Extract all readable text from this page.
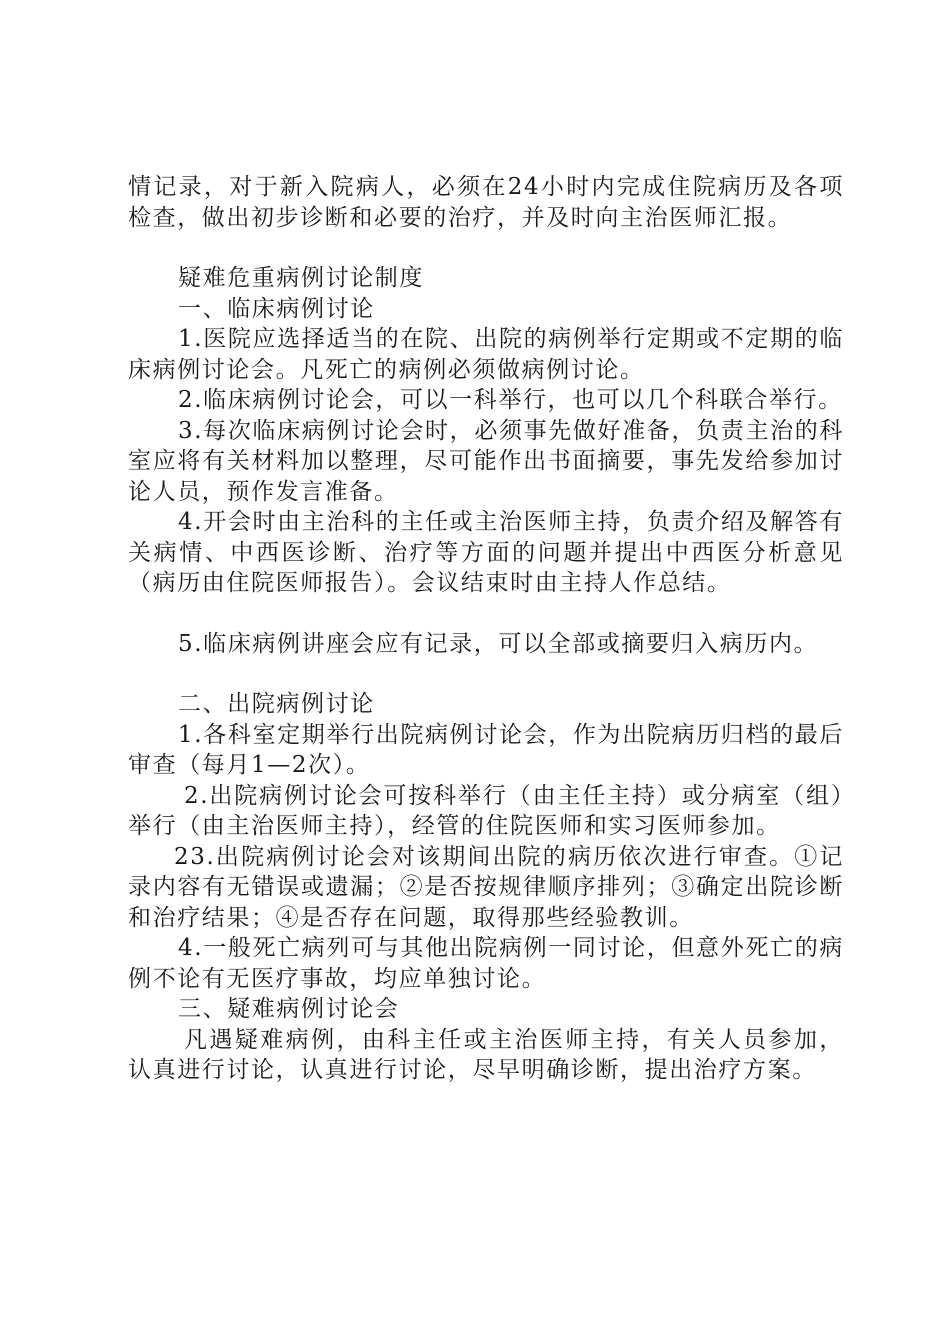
情记录，对于新入院病人，必须在24小时内完成住院病历及各项检查，做出初步诊断和必要的治疗，并及时向主治医师汇报。

疑难危重病例讨论制度

一、临床病例讨论

1.医院应选择适当的在院、出院的病例举行定期或不定期的临床病例讨论会。凡死亡的病例必须做病例讨论。

2.临床病例讨论会，可以一科举行，也可以几个科联合举行。

3.每次临床病例讨论会时，必须事先做好准备，负责主治的科室应将有关材料加以整理，尽可能作出书面摘要，事先发给参加讨论人员，预作发言准备。

4.开会时由主治科的主任或主治医师主持，负责介绍及解答有关病情、中西医诊断、治疗等方面的问题并提出中西医分析意见（病历由住院医师报告）。会议结束时由主持人作总结。

5.临床病例讲座会应有记录，可以全部或摘要归入病历内。

二、出院病例讨论

1.各科室定期举行出院病例讨论会，作为出院病历归档的最后审查（每月1—2次）。

2.出院病例讨论会可按科举行（由主任主持）或分病室（组）举行（由主治医师主持），经管的住院医师和实习医师参加。

23.出院病例讨论会对该期间出院的病历依次进行审查。①记录内容有无错误或遗漏；②是否按规律顺序排列；③确定出院诊断和治疗结果；④是否存在问题，取得那些经验教训。

4.一般死亡病列可与其他出院病例一同讨论，但意外死亡的病例不论有无医疗事故，均应单独讨论。

三、疑难病例讨论会

凡遇疑难病例，由科主任或主治医师主持，有关人员参加，认真进行讨论，认真进行讨论，尽早明确诊断，提出治疗方案。
